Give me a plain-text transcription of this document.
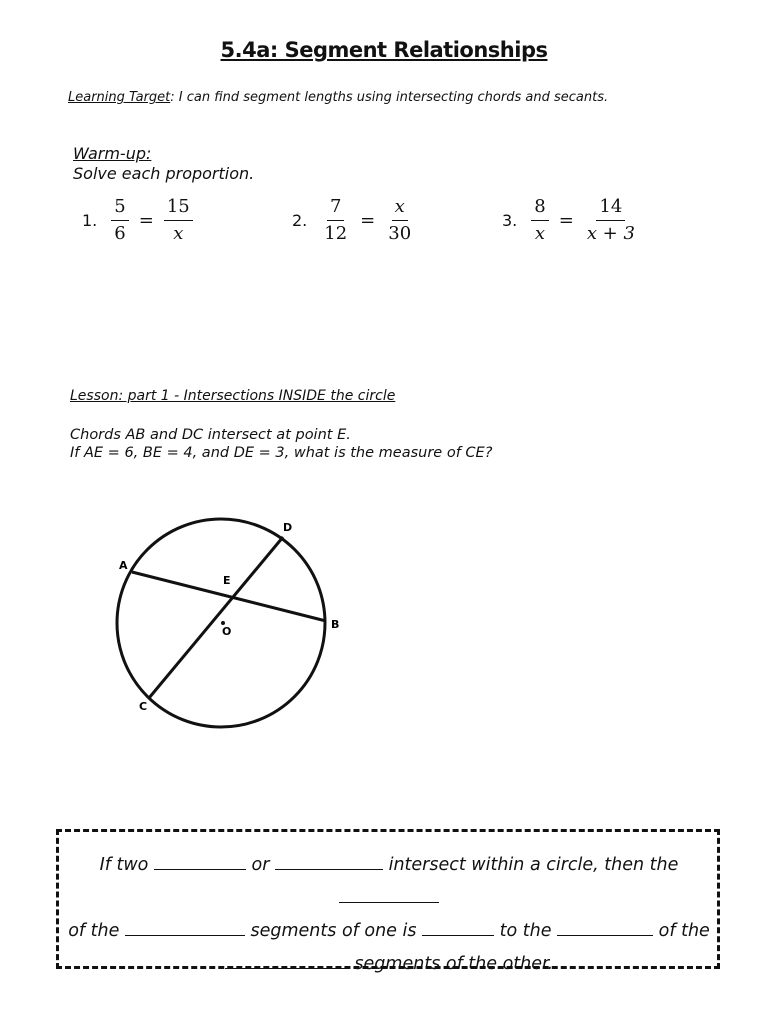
5.4a: Segment Relationships
Learning Target: I can find segment lengths using intersecting chords and secants.
Warm-up:
Solve each proportion.
1. $\frac{5}{6} = \frac{15}{x}$	2. $\frac{7}{12} = \frac{x}{30}$	3. $\frac{8}{x} = \frac{14}{x + 3}$
Lesson: part 1 - Intersections INSIDE the circle
Chords AB and DC intersect at point E.
If AE = 6, BE = 4, and DE = 3, what is the measure of CE?
A
B
C
D
E
O
If two	or	intersect within a circle, then the
of the	segments of one is	to the	of the
segments of the other.
